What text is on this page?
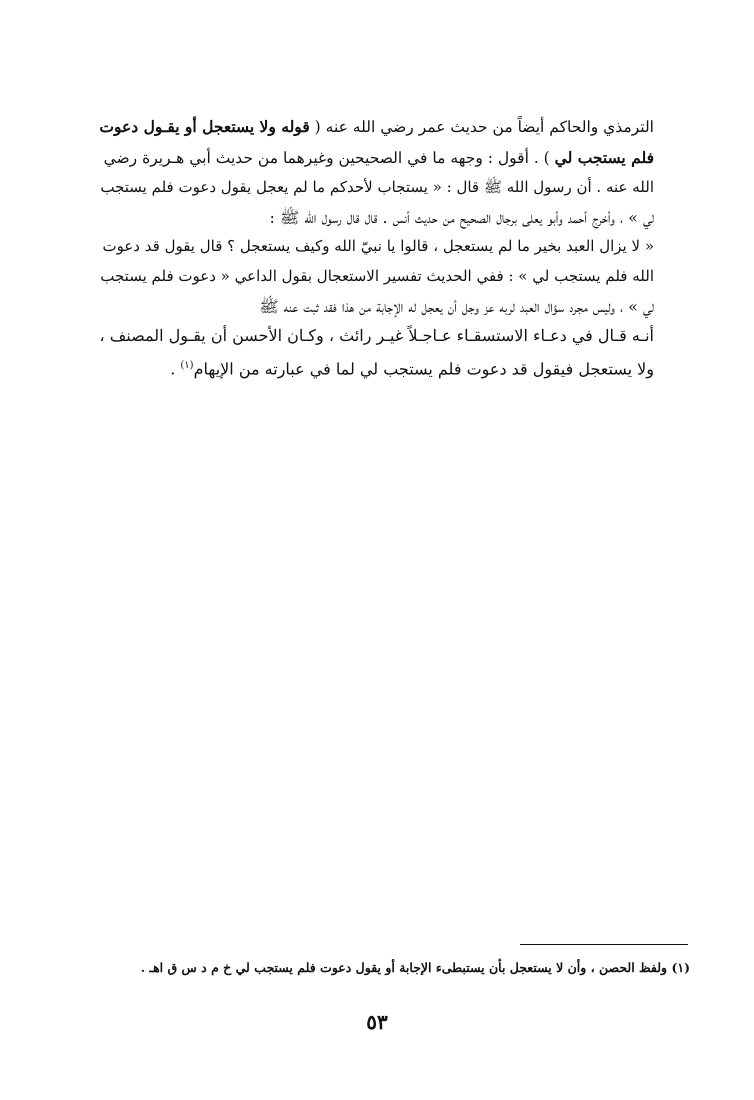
الترمذي والحاكم أيضاً من حديث عمر رضي الله عنه ( قوله ولا يستعجل أو يقـول دعوت
فلم يستجب لي ) . أقول : وجهه ما في الصحيحين وغيرهما من حديث أبي هـريرة رضي
الله عنه . أن رسول الله ﷺ قال : « يستجاب لأحدكم ما لم يعجل يقول دعوت فلم يستجب
لي » ، وأخرج أحمد وأبو يعلى برجال الصحيح من حديث أنس . قال قال رسول الله ﷺ :
« لا يزال العبد بخير ما لم يستعجل ، قالوا يا نبيّ الله وكيف يستعجل ؟ قال يقول قد دعوت
الله فلم يستجب لي » : ففي الحديث تفسير الاستعجال بقول الداعي « دعوت فلم يستجب
لي » ، وليس مجرد سؤال العبد لربه عز وجل أن يعجل له الإجابة من هذا فقد ثبت عنه ﷺ
أنـه قـال في دعـاء الاستسقـاء عـاجـلاً غيـر رائث ، وكـان الأحسن أن يقـول المصنف ،
ولا يستعجل فيقول قد دعوت فلم يستجب لي لما في عبارته من الإيهام$^{(١)}$ .
(١) ولفظ الحصن ، وأن لا يستعجل بأن يستبطىء الإجابة أو يقول دعوت فلم يستجب لي خ م د س ق اهـ .
٥٣
